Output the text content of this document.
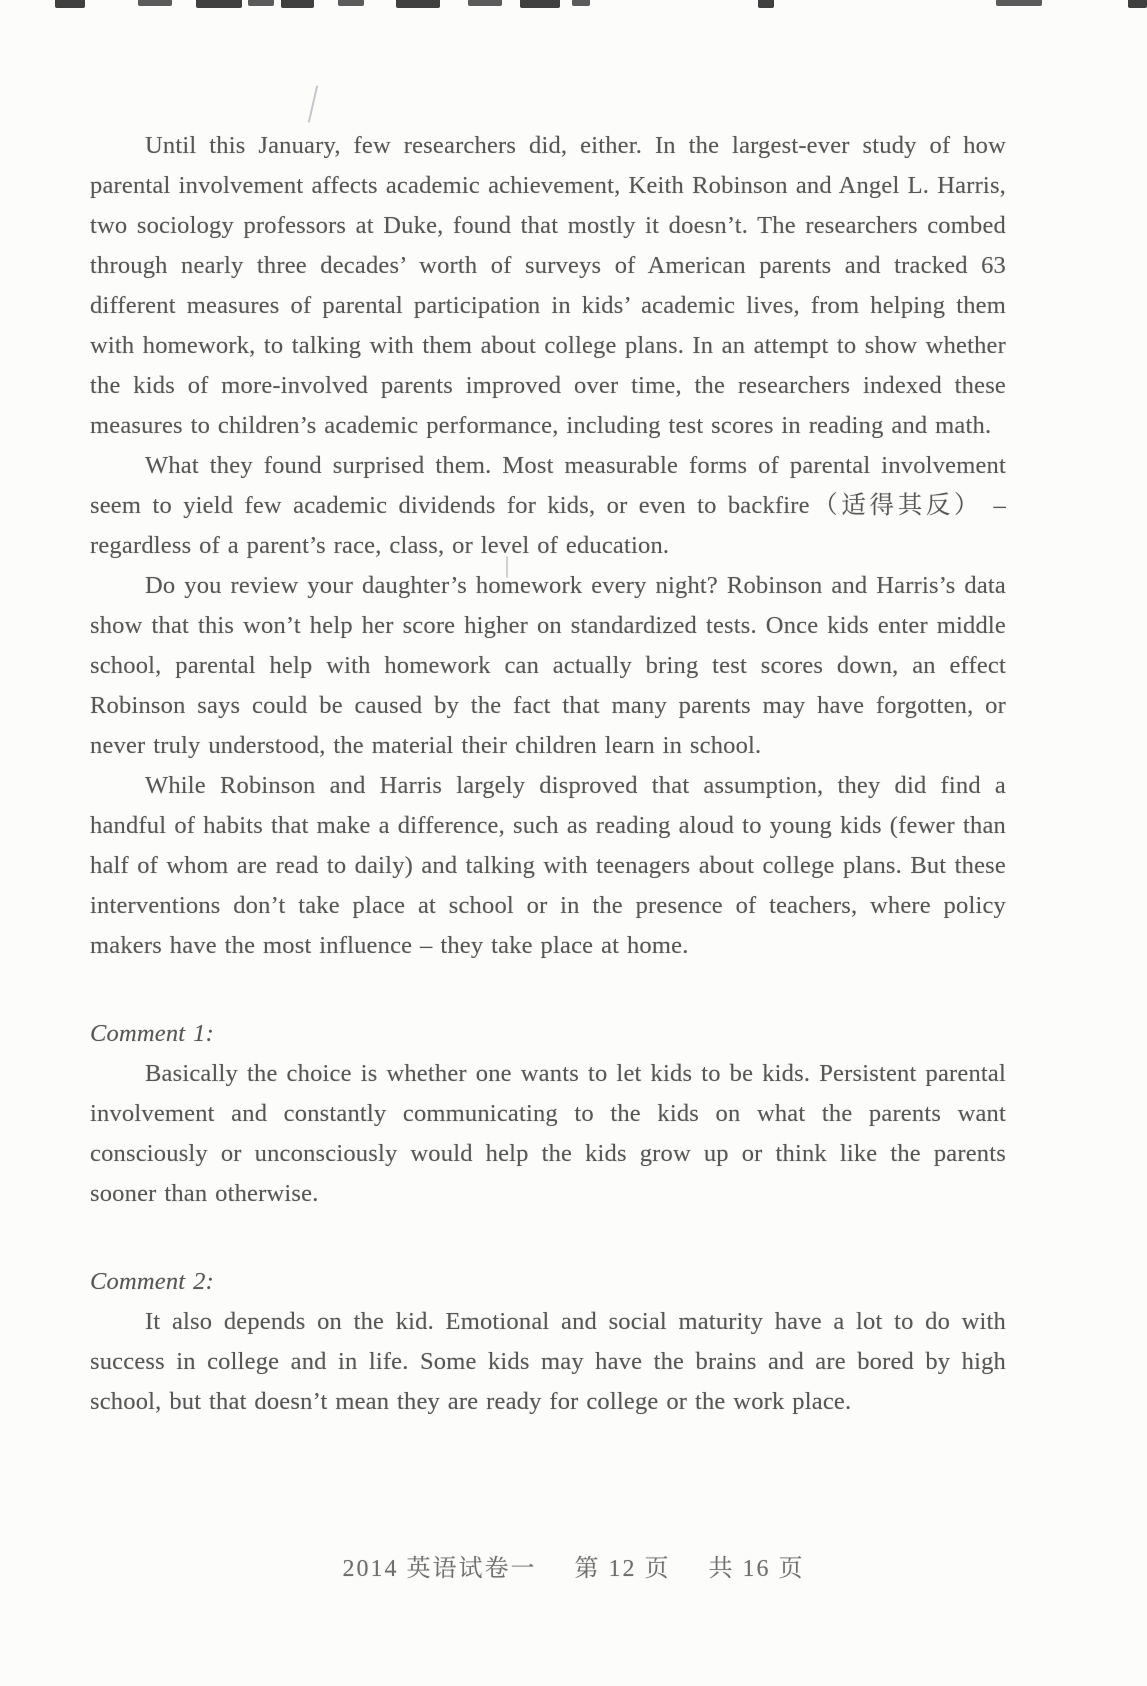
Until this January, few researchers did, either. In the largest-ever study of how parental involvement affects academic achievement, Keith Robinson and Angel L. Harris, two sociology professors at Duke, found that mostly it doesn’t. The researchers combed through nearly three decades’ worth of surveys of American parents and tracked 63 different measures of parental participation in kids’ academic lives, from helping them with homework, to talking with them about college plans. In an attempt to show whether the kids of more-involved parents improved over time, the researchers indexed these measures to children’s academic performance, including test scores in reading and math.

What they found surprised them. Most measurable forms of parental involvement seem to yield few academic dividends for kids, or even to backfire（适得其反） – regardless of a parent’s race, class, or level of education.

Do you review your daughter’s homework every night? Robinson and Harris’s data show that this won’t help her score higher on standardized tests. Once kids enter middle school, parental help with homework can actually bring test scores down, an effect Robinson says could be caused by the fact that many parents may have forgotten, or never truly understood, the material their children learn in school.

While Robinson and Harris largely disproved that assumption, they did find a handful of habits that make a difference, such as reading aloud to young kids (fewer than half of whom are read to daily) and talking with teenagers about college plans. But these interventions don’t take place at school or in the presence of teachers, where policy makers have the most influence – they take place at home.

Comment 1:

Basically the choice is whether one wants to let kids to be kids. Persistent parental involvement and constantly communicating to the kids on what the parents want consciously or unconsciously would help the kids grow up or think like the parents sooner than otherwise.

Comment 2:

It also depends on the kid. Emotional and social maturity have a lot to do with success in college and in life. Some kids may have the brains and are bored by high school, but that doesn’t mean they are ready for college or the work place.

2014 英语试卷一 第 12 页 共 16 页
